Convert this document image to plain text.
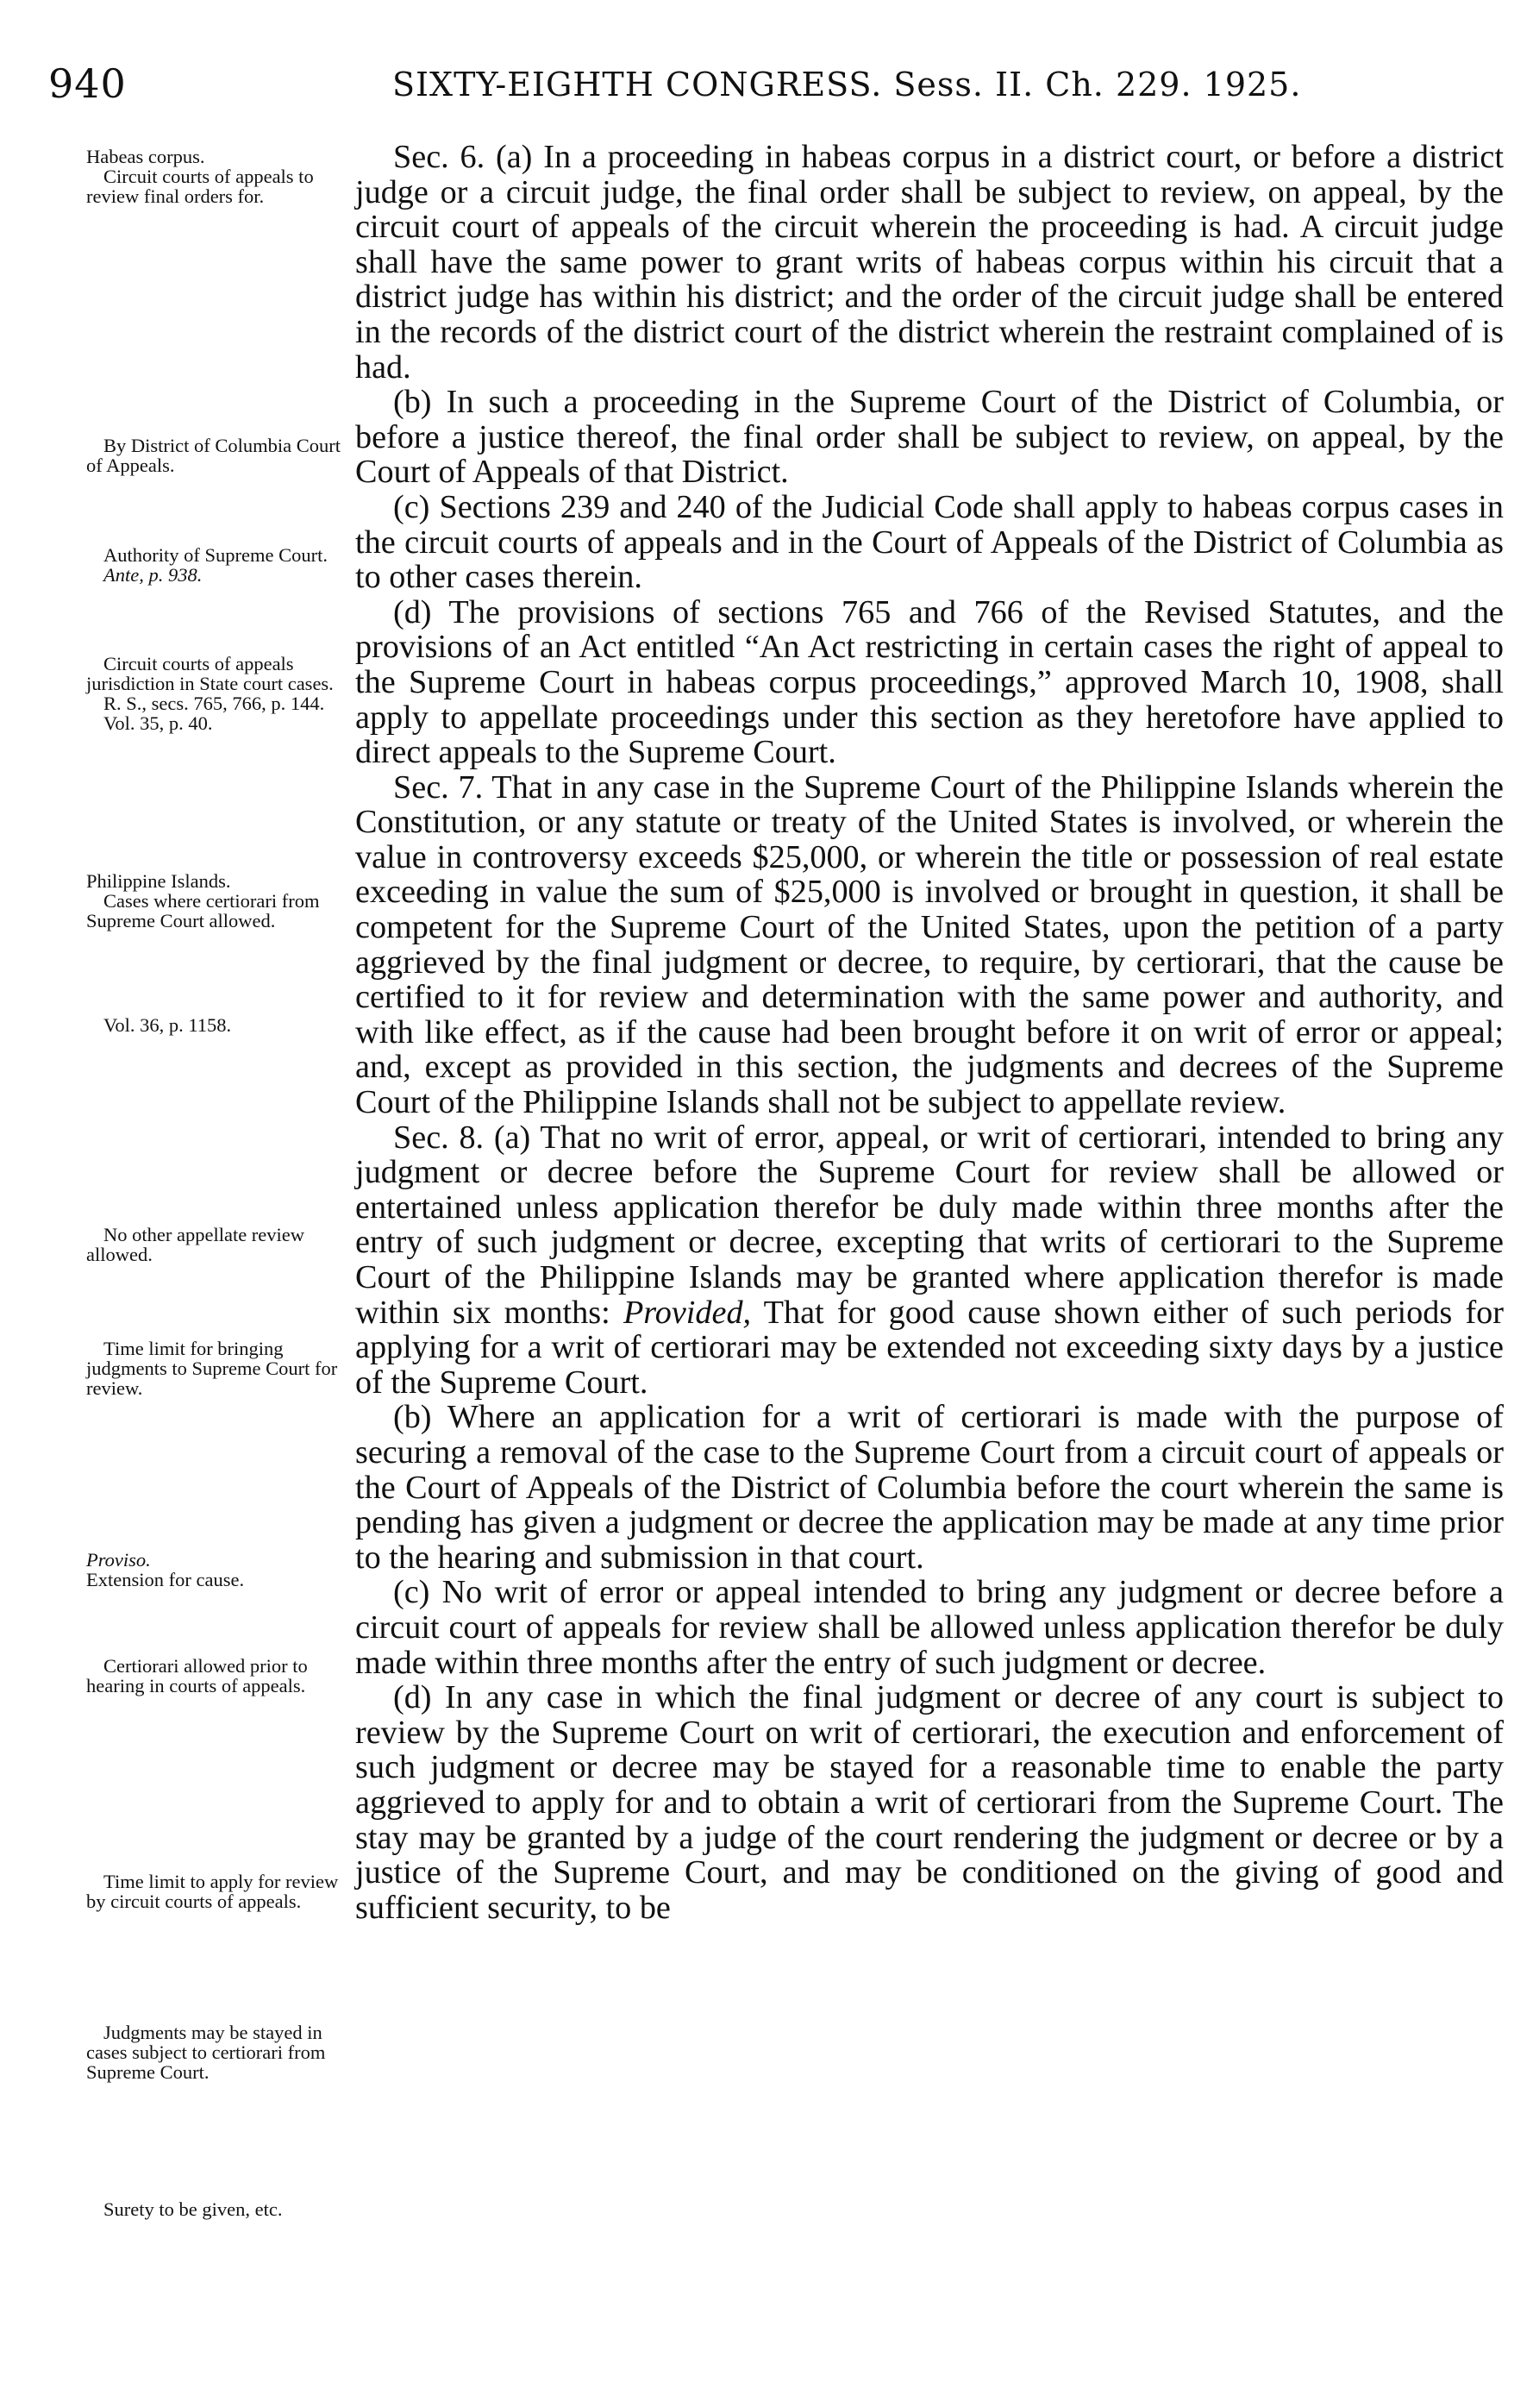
940	SIXTY-EIGHTH CONGRESS. Sess. II. Ch. 229. 1925.

Habeas corpus.

Circuit courts of appeals to review final orders for.

By District of Columbia Court of Appeals.

Authority of Supreme Court.

Ante, p. 938.

Circuit courts of appeals jurisdiction in State court cases.

R. S., secs. 765, 766, p. 144.

Vol. 35, p. 40.

Philippine Islands.

Cases where certiorari from Supreme Court allowed.

Vol. 36, p. 1158.

No other appellate review allowed.

Time limit for bringing judgments to Supreme Court for review.

Proviso.

Extension for cause.

Certiorari allowed prior to hearing in courts of appeals.

Time limit to apply for review by circuit courts of appeals.

Judgments may be stayed in cases subject to certiorari from Supreme Court.

Surety to be given, etc.

Sec. 6. (a) In a proceeding in habeas corpus in a district court, or before a district judge or a circuit judge, the final order shall be subject to review, on appeal, by the circuit court of appeals of the circuit wherein the proceeding is had. A circuit judge shall have the same power to grant writs of habeas corpus within his circuit that a district judge has within his district; and the order of the circuit judge shall be entered in the records of the district court of the district wherein the restraint complained of is had.

(b) In such a proceeding in the Supreme Court of the District of Columbia, or before a justice thereof, the final order shall be subject to review, on appeal, by the Court of Appeals of that District.

(c) Sections 239 and 240 of the Judicial Code shall apply to habeas corpus cases in the circuit courts of appeals and in the Court of Appeals of the District of Columbia as to other cases therein.

(d) The provisions of sections 765 and 766 of the Revised Statutes, and the provisions of an Act entitled “An Act restricting in certain cases the right of appeal to the Supreme Court in habeas corpus proceedings,” approved March 10, 1908, shall apply to appellate proceedings under this section as they heretofore have applied to direct appeals to the Supreme Court.

Sec. 7. That in any case in the Supreme Court of the Philippine Islands wherein the Constitution, or any statute or treaty of the United States is involved, or wherein the value in controversy exceeds $25,000, or wherein the title or possession of real estate exceeding in value the sum of $25,000 is involved or brought in question, it shall be competent for the Supreme Court of the United States, upon the petition of a party aggrieved by the final judgment or decree, to require, by certiorari, that the cause be certified to it for review and determination with the same power and authority, and with like effect, as if the cause had been brought before it on writ of error or appeal; and, except as provided in this section, the judgments and decrees of the Supreme Court of the Philippine Islands shall not be subject to appellate review.

Sec. 8. (a) That no writ of error, appeal, or writ of certiorari, intended to bring any judgment or decree before the Supreme Court for review shall be allowed or entertained unless application therefor be duly made within three months after the entry of such judgment or decree, excepting that writs of certiorari to the Supreme Court of the Philippine Islands may be granted where application therefor is made within six months: Provided, That for good cause shown either of such periods for applying for a writ of certiorari may be extended not exceeding sixty days by a justice of the Supreme Court.

(b) Where an application for a writ of certiorari is made with the purpose of securing a removal of the case to the Supreme Court from a circuit court of appeals or the Court of Appeals of the District of Columbia before the court wherein the same is pending has given a judgment or decree the application may be made at any time prior to the hearing and submission in that court.

(c) No writ of error or appeal intended to bring any judgment or decree before a circuit court of appeals for review shall be allowed unless application therefor be duly made within three months after the entry of such judgment or decree.

(d) In any case in which the final judgment or decree of any court is subject to review by the Supreme Court on writ of certiorari, the execution and enforcement of such judgment or decree may be stayed for a reasonable time to enable the party aggrieved to apply for and to obtain a writ of certiorari from the Supreme Court. The stay may be granted by a judge of the court rendering the judgment or decree or by a justice of the Supreme Court, and may be conditioned on the giving of good and sufficient security, to be
